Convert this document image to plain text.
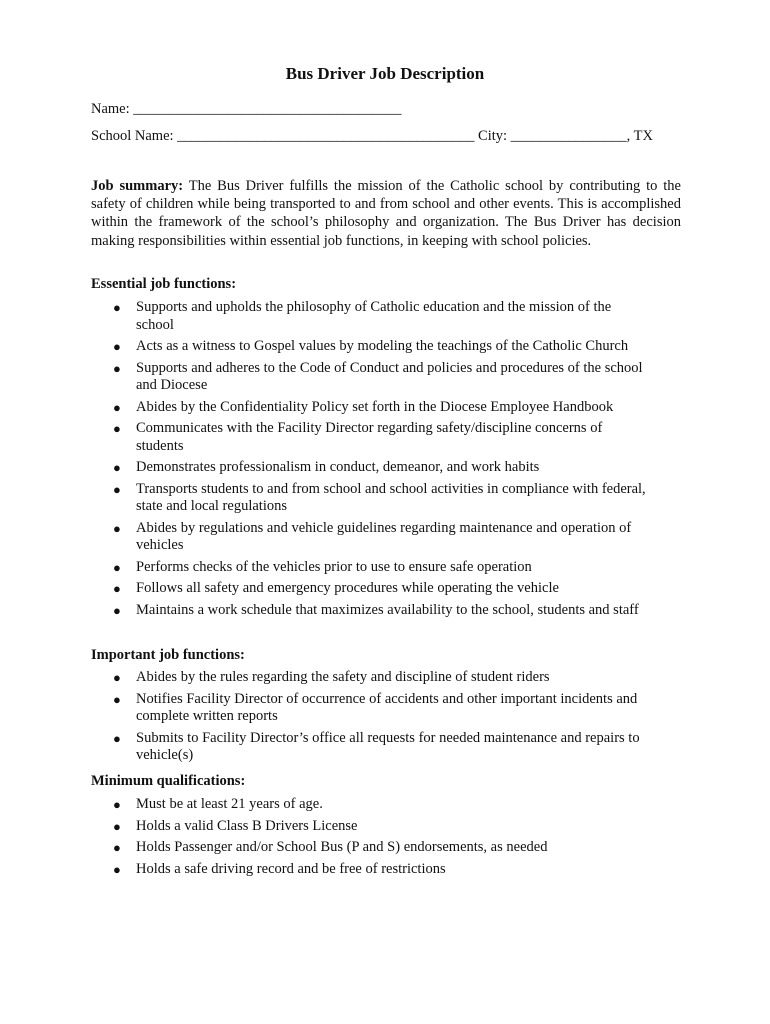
Bus Driver Job Description
Name: _____________________________________
School Name: _________________________________________ City: ________________, TX
Job summary: The Bus Driver fulfills the mission of the Catholic school by contributing to the safety of children while being transported to and from school and other events. This is accomplished within the framework of the school’s philosophy and organization. The Bus Driver has decision making responsibilities within essential job functions, in keeping with school policies.
Essential job functions:
● Supports and upholds the philosophy of Catholic education and the mission of the school
● Acts as a witness to Gospel values by modeling the teachings of the Catholic Church
● Supports and adheres to the Code of Conduct and policies and procedures of the school and Diocese
● Abides by the Confidentiality Policy set forth in the Diocese Employee Handbook
● Communicates with the Facility Director regarding safety/discipline concerns of students
● Demonstrates professionalism in conduct, demeanor, and work habits
● Transports students to and from school and school activities in compliance with federal, state and local regulations
● Abides by regulations and vehicle guidelines regarding maintenance and operation of vehicles
● Performs checks of the vehicles prior to use to ensure safe operation
● Follows all safety and emergency procedures while operating the vehicle
● Maintains a work schedule that maximizes availability to the school, students and staff
Important job functions:
● Abides by the rules regarding the safety and discipline of student riders
● Notifies Facility Director of occurrence of accidents and other important incidents and complete written reports
● Submits to Facility Director’s office all requests for needed maintenance and repairs to vehicle(s)
Minimum qualifications:
● Must be at least 21 years of age.
● Holds a valid Class B Drivers License
● Holds Passenger and/or School Bus (P and S) endorsements, as needed
● Holds a safe driving record and be free of restrictions
